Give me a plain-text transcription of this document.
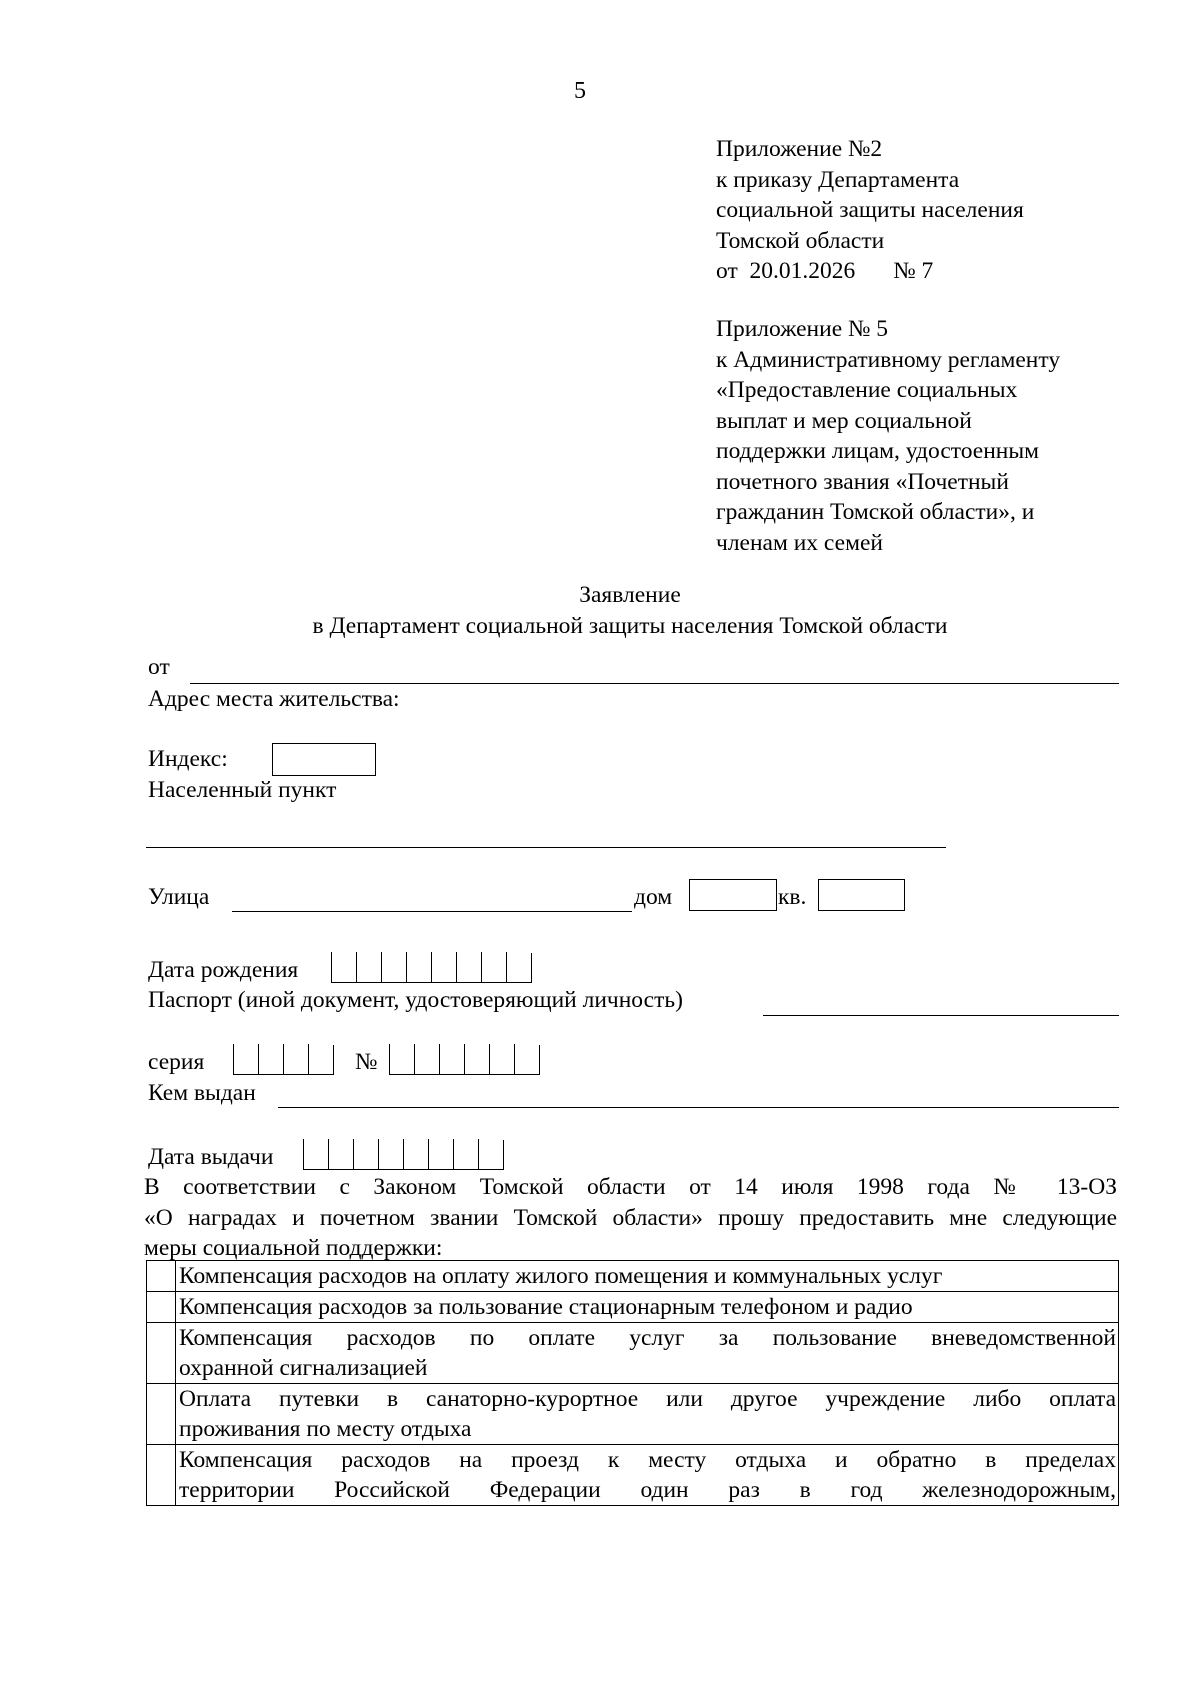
5
Приложение №2
к приказу Департамента
социальной защиты населения
Томской области
от 20.01.2026 № 7
Приложение № 5
к Административному регламенту
«Предоставление социальных
выплат и мер социальной
поддержки лицам, удостоенным
почетного звания «Почетный
гражданин Томской области», и
членам их семей
Заявление
в Департамент социальной защиты населения Томской области
от
Адрес места жительства:
Индекс:
Населенный пункт
Улица	дом	кв.
Дата рождения
Паспорт (иной документ, удостоверяющий личность)
серия	№
Кем выдан
Дата выдачи
В соответствии с Законом Томской области от 14 июля 1998 года № 13-ОЗ
«О наградах и почетном звании Томской области» прошу предоставить мне следующие
меры социальной поддержки:

	Компенсация расходов на оплату жилого помещения и коммунальных услуг

	Компенсация расходов за пользование стационарным телефоном и радио

	Компенсация расходов по оплате услуг за пользование вневедомственной
охранной сигнализацией

	Оплата путевки в санаторно-курортное или другое учреждение либо оплата
проживания по месту отдыха

	Компенсация расходов на проезд к месту отдыха и обратно в пределах
территории Российской Федерации один раз в год железнодорожным,
